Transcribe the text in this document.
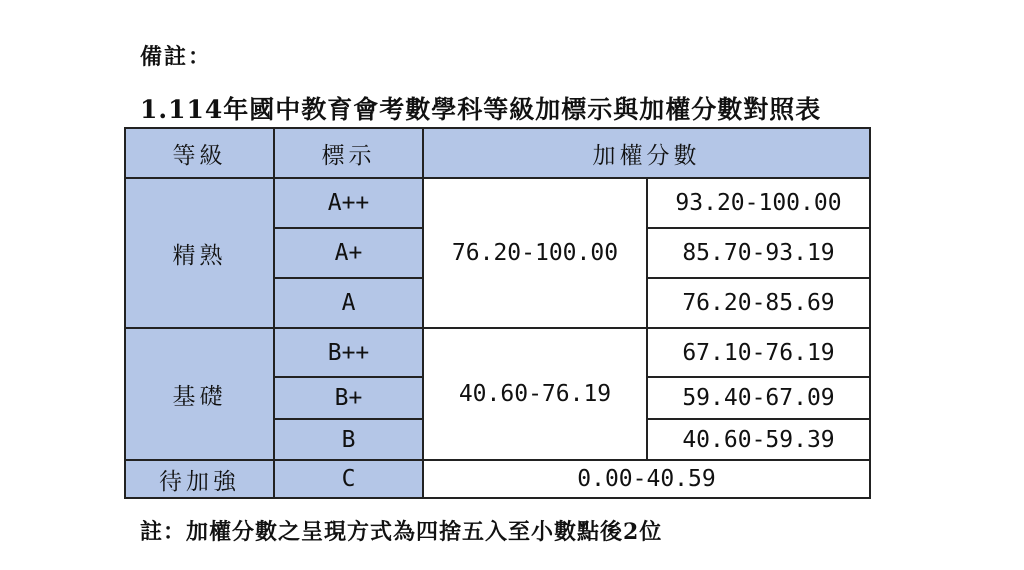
備註：
1.114年國中教育會考數學科等級加標示與加權分數對照表
等級	標示	加權分數	
精熟	A++	76.20-100.00	93.20-100.00
	A+		85.70-93.19
	A		76.20-85.69
基礎	B++	40.60-76.19	67.10-76.19
	B+		59.40-67.09
	B		40.60-59.39
待加強	C	0.00-40.59	
註：加權分數之呈現方式為四捨五入至小數點後2位
